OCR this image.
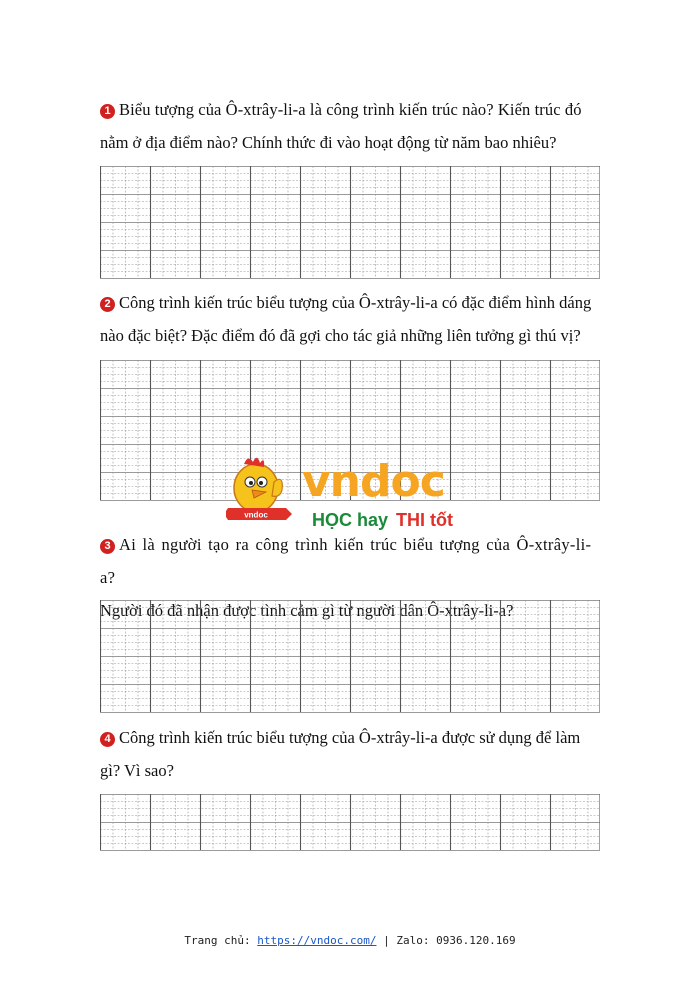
1 Biểu tượng của Ô-xtrây-li-a là công trình kiến trúc nào? Kiến trúc đó
nằm ở địa điểm nào? Chính thức đi vào hoạt động từ năm bao nhiêu?
2 Công trình kiến trúc biểu tượng của Ô-xtrây-li-a có đặc điểm hình dáng
nào đặc biệt? Đặc điểm đó đã gợi cho tác giả những liên tưởng gì thú vị?
vndoc
vndoc
HỌC hay THI tốt
3 Ai là người tạo ra công trình kiến trúc biểu tượng của Ô-xtrây-li-a?
Người đó đã nhận được tình cảm gì từ người dân Ô-xtrây-li-a?
4 Công trình kiến trúc biểu tượng của Ô-xtrây-li-a được sử dụng để làm
gì? Vì sao?
Trang chủ: https://vndoc.com/ | Zalo: 0936.120.169
